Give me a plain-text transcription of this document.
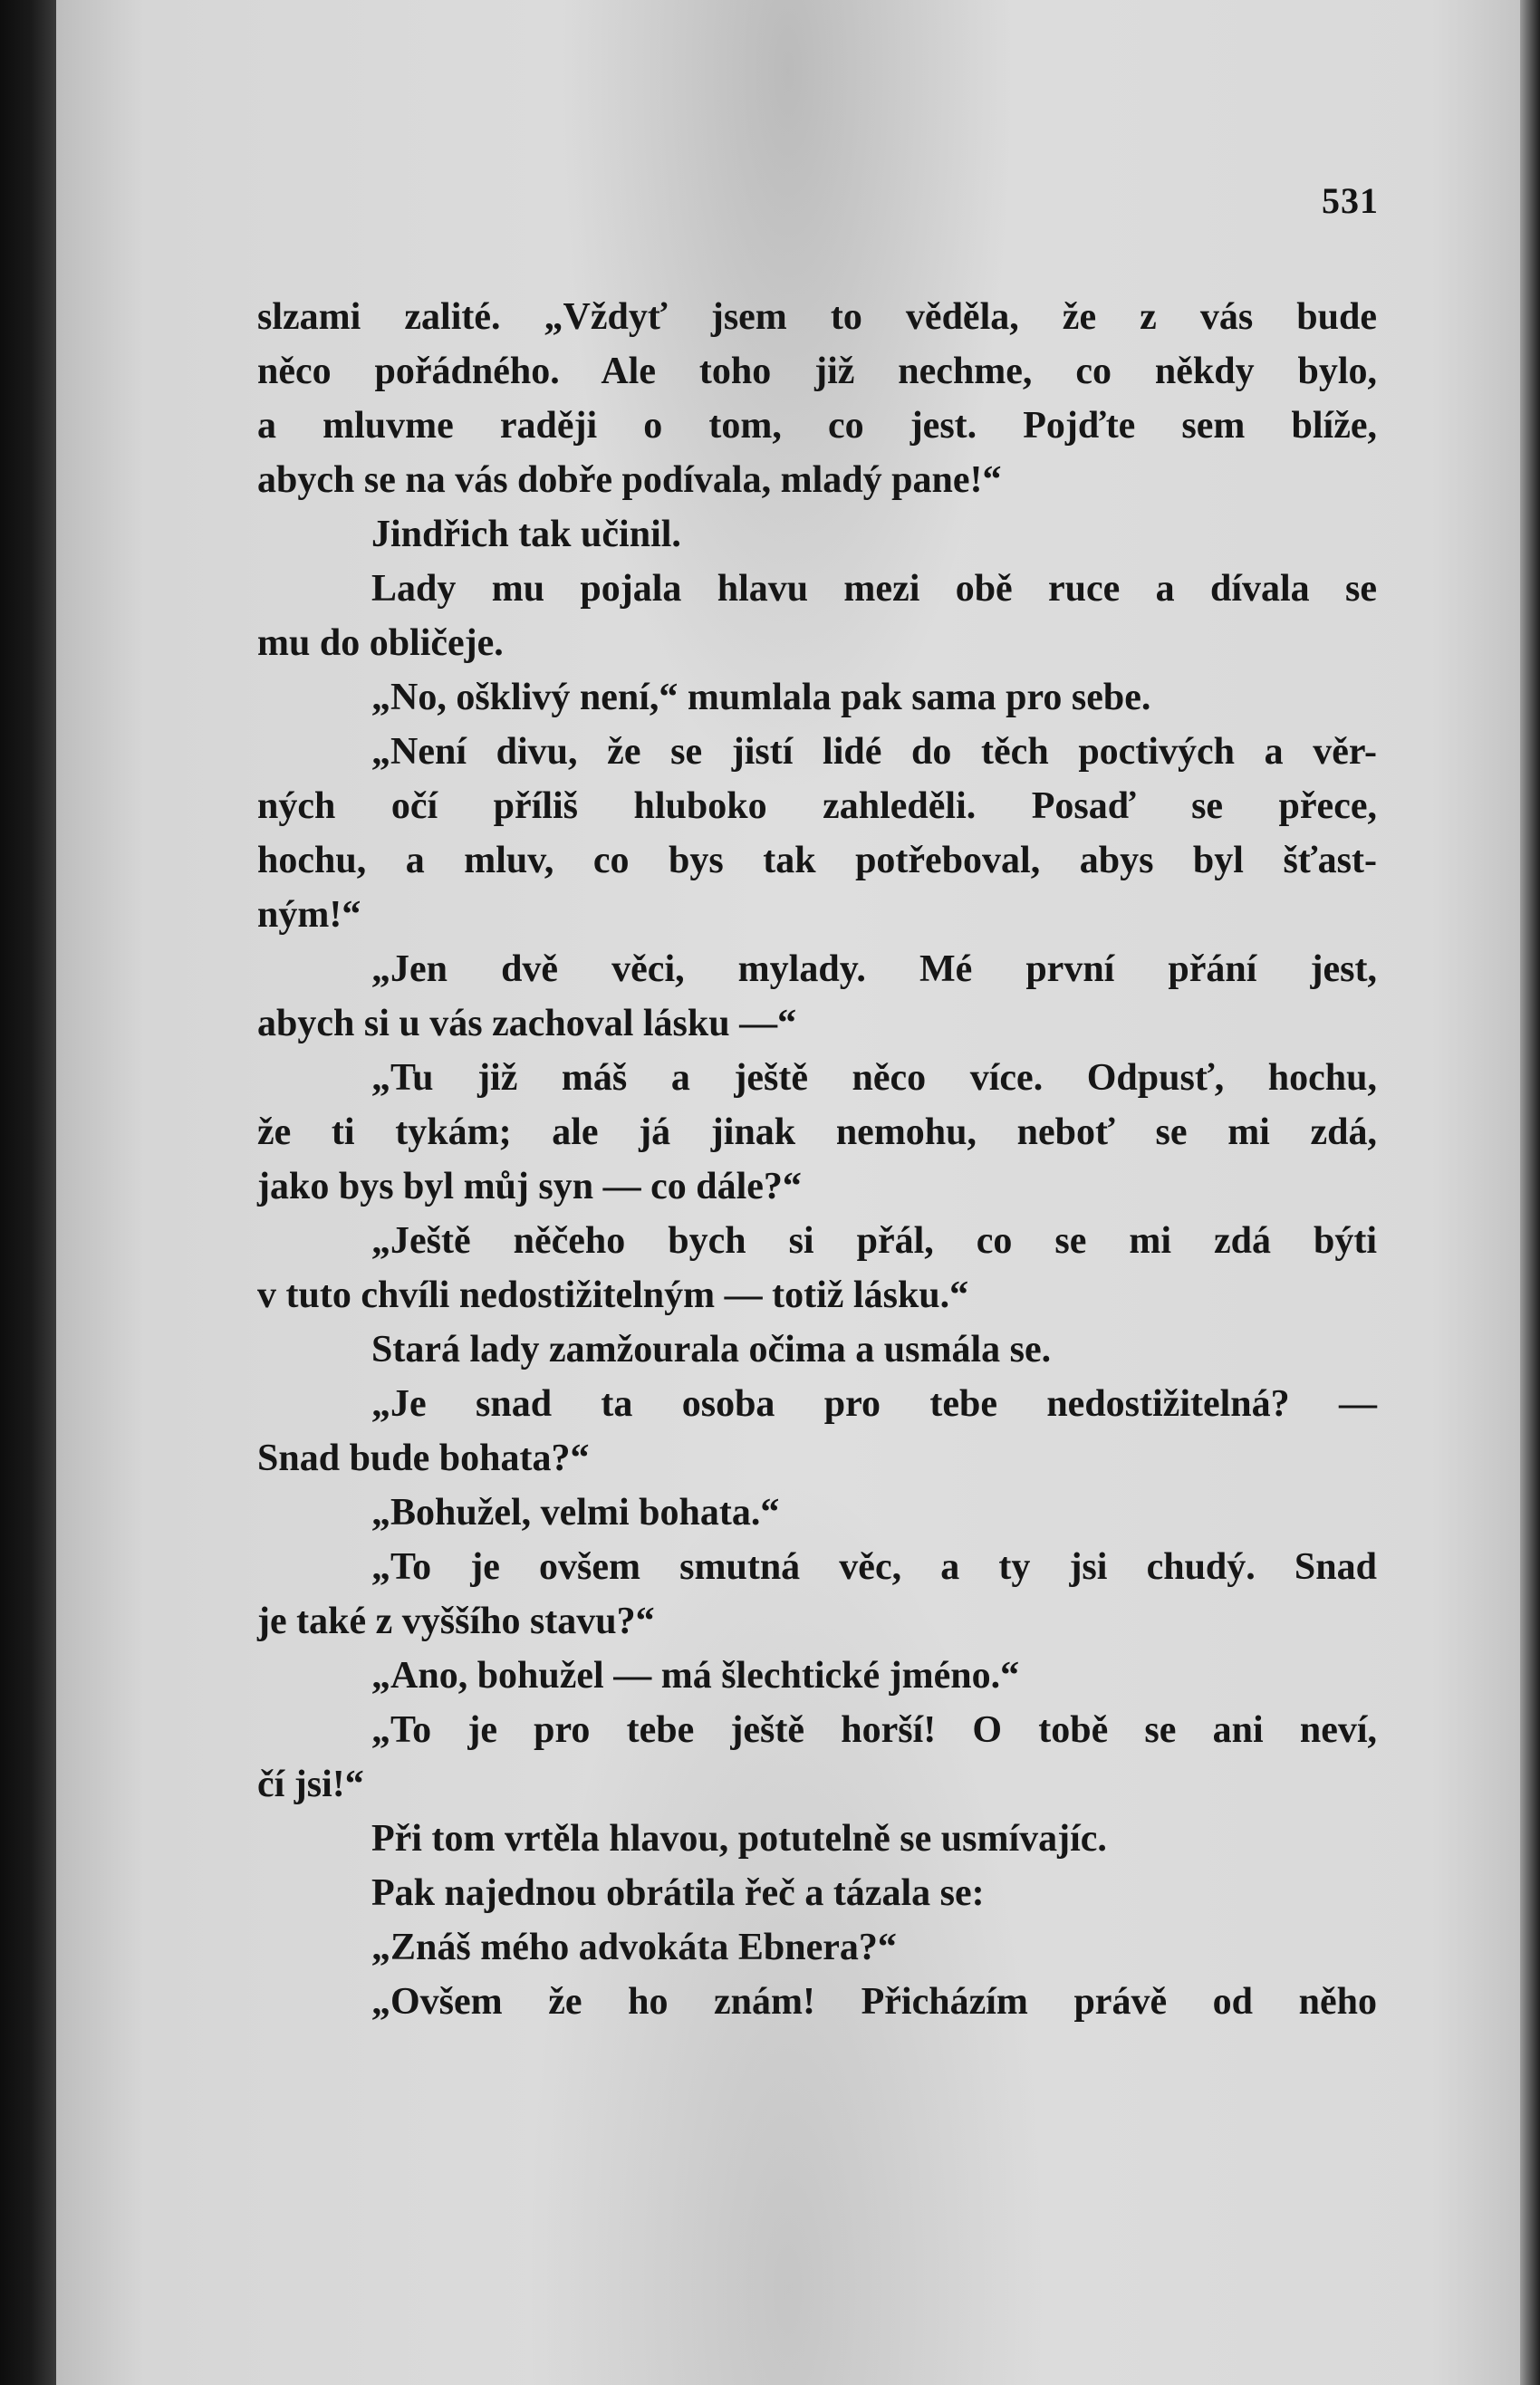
531
slzami zalité. „Vždyť jsem to věděla, že z vás bude
něco pořádného. Ale toho již nechme, co někdy bylo,
a mluvme raději o tom, co jest. Pojďte sem blíže,
abych se na vás dobře podívala, mladý pane!“
Jindřich tak učinil.
Lady mu pojala hlavu mezi obě ruce a dívala se
mu do obličeje.
„No, ošklivý není,“ mumlala pak sama pro sebe.
„Není divu, že se jistí lidé do těch poctivých a věr-
ných očí příliš hluboko zahleděli. Posaď se přece,
hochu, a mluv, co bys tak potřeboval, abys byl šťast-
ným!“
„Jen dvě věci, mylady. Mé první přání jest,
abych si u vás zachoval lásku —“
„Tu již máš a ještě něco více. Odpusť, hochu,
že ti tykám; ale já jinak nemohu, neboť se mi zdá,
jako bys byl můj syn — co dále?“
„Ještě něčeho bych si přál, co se mi zdá býti
v tuto chvíli nedostižitelným — totiž lásku.“
Stará lady zamžourala očima a usmála se.
„Je snad ta osoba pro tebe nedostižitelná? —
Snad bude bohata?“
„Bohužel, velmi bohata.“
„To je ovšem smutná věc, a ty jsi chudý. Snad
je také z vyššího stavu?“
„Ano, bohužel — má šlechtické jméno.“
„To je pro tebe ještě horší! O tobě se ani neví,
čí jsi!“
Při tom vrtěla hlavou, potutelně se usmívajíc.
Pak najednou obrátila řeč a tázala se:
„Znáš mého advokáta Ebnera?“
„Ovšem že ho znám! Přicházím právě od něho
